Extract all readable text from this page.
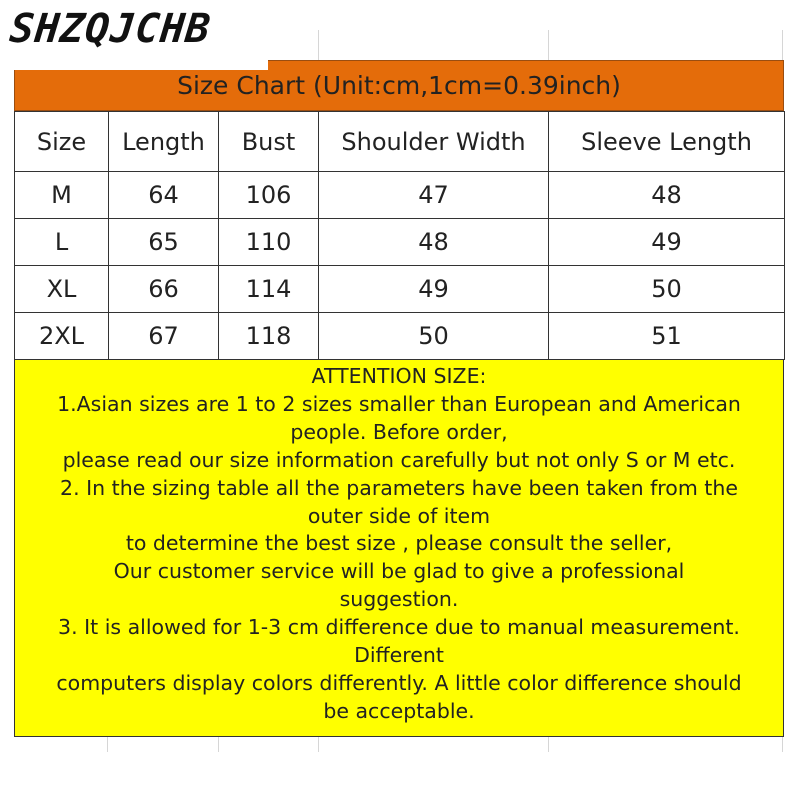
SHZQJCHB
Size Chart (Unit:cm,1cm=0.39inch)
Size	Length	Bust	Shoulder Width	Sleeve Length
M	64	106	47	48
L	65	110	48	49
XL	66	114	49	50
2XL	67	118	50	51
ATTENTION SIZE:
1.Asian sizes are 1 to 2 sizes smaller than European and American
people. Before order,
please read our size information carefully but not only S or M etc.
2. In the sizing table all the parameters have been taken from the
outer side of item
to determine the best size , please consult the seller,
Our customer service will be glad to give a professional
suggestion.
3. It is allowed for 1-3 cm difference due to manual measurement.
Different
computers display colors differently. A little color difference should
be acceptable.
